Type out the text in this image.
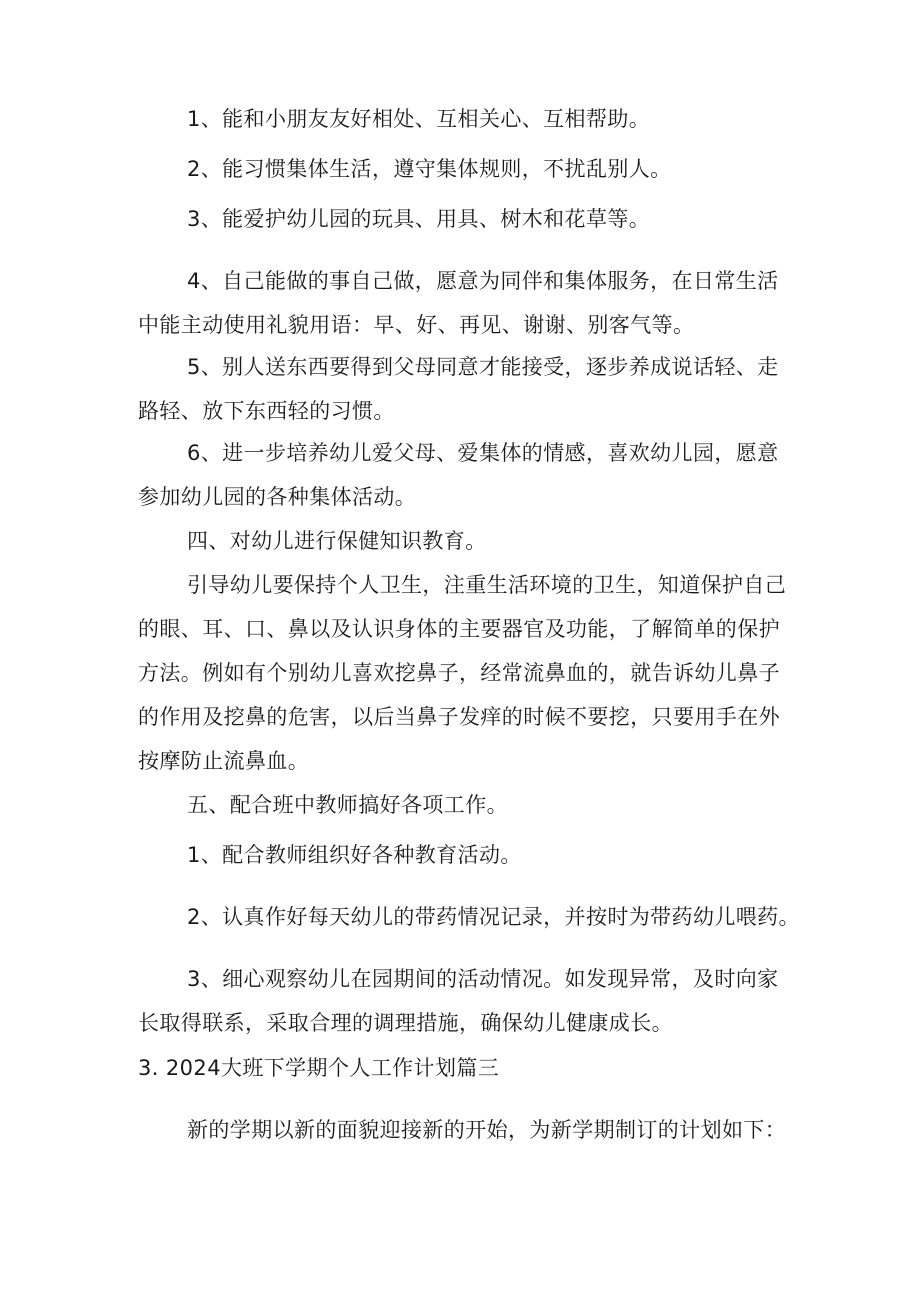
1、能和小朋友友好相处、互相关心、互相帮助。
2、能习惯集体生活，遵守集体规则，不扰乱别人。
3、能爱护幼儿园的玩具、用具、树木和花草等。
4、自己能做的事自己做，愿意为同伴和集体服务，在日常生活
中能主动使用礼貌用语：早、好、再见、谢谢、别客气等。
5、别人送东西要得到父母同意才能接受，逐步养成说话轻、走
路轻、放下东西轻的习惯。
6、进一步培养幼儿爱父母、爱集体的情感，喜欢幼儿园，愿意
参加幼儿园的各种集体活动。
四、对幼儿进行保健知识教育。
引导幼儿要保持个人卫生，注重生活环境的卫生，知道保护自己
的眼、耳、口、鼻以及认识身体的主要器官及功能，了解简单的保护
方法。例如有个别幼儿喜欢挖鼻子，经常流鼻血的，就告诉幼儿鼻子
的作用及挖鼻的危害，以后当鼻子发痒的时候不要挖，只要用手在外
按摩防止流鼻血。
五、配合班中教师搞好各项工作。
1、配合教师组织好各种教育活动。
2、认真作好每天幼儿的带药情况记录，并按时为带药幼儿喂药。
3、细心观察幼儿在园期间的活动情况。如发现异常，及时向家
长取得联系，采取合理的调理措施，确保幼儿健康成长。
3. 2024大班下学期个人工作计划篇三
新的学期以新的面貌迎接新的开始，为新学期制订的计划如下：
